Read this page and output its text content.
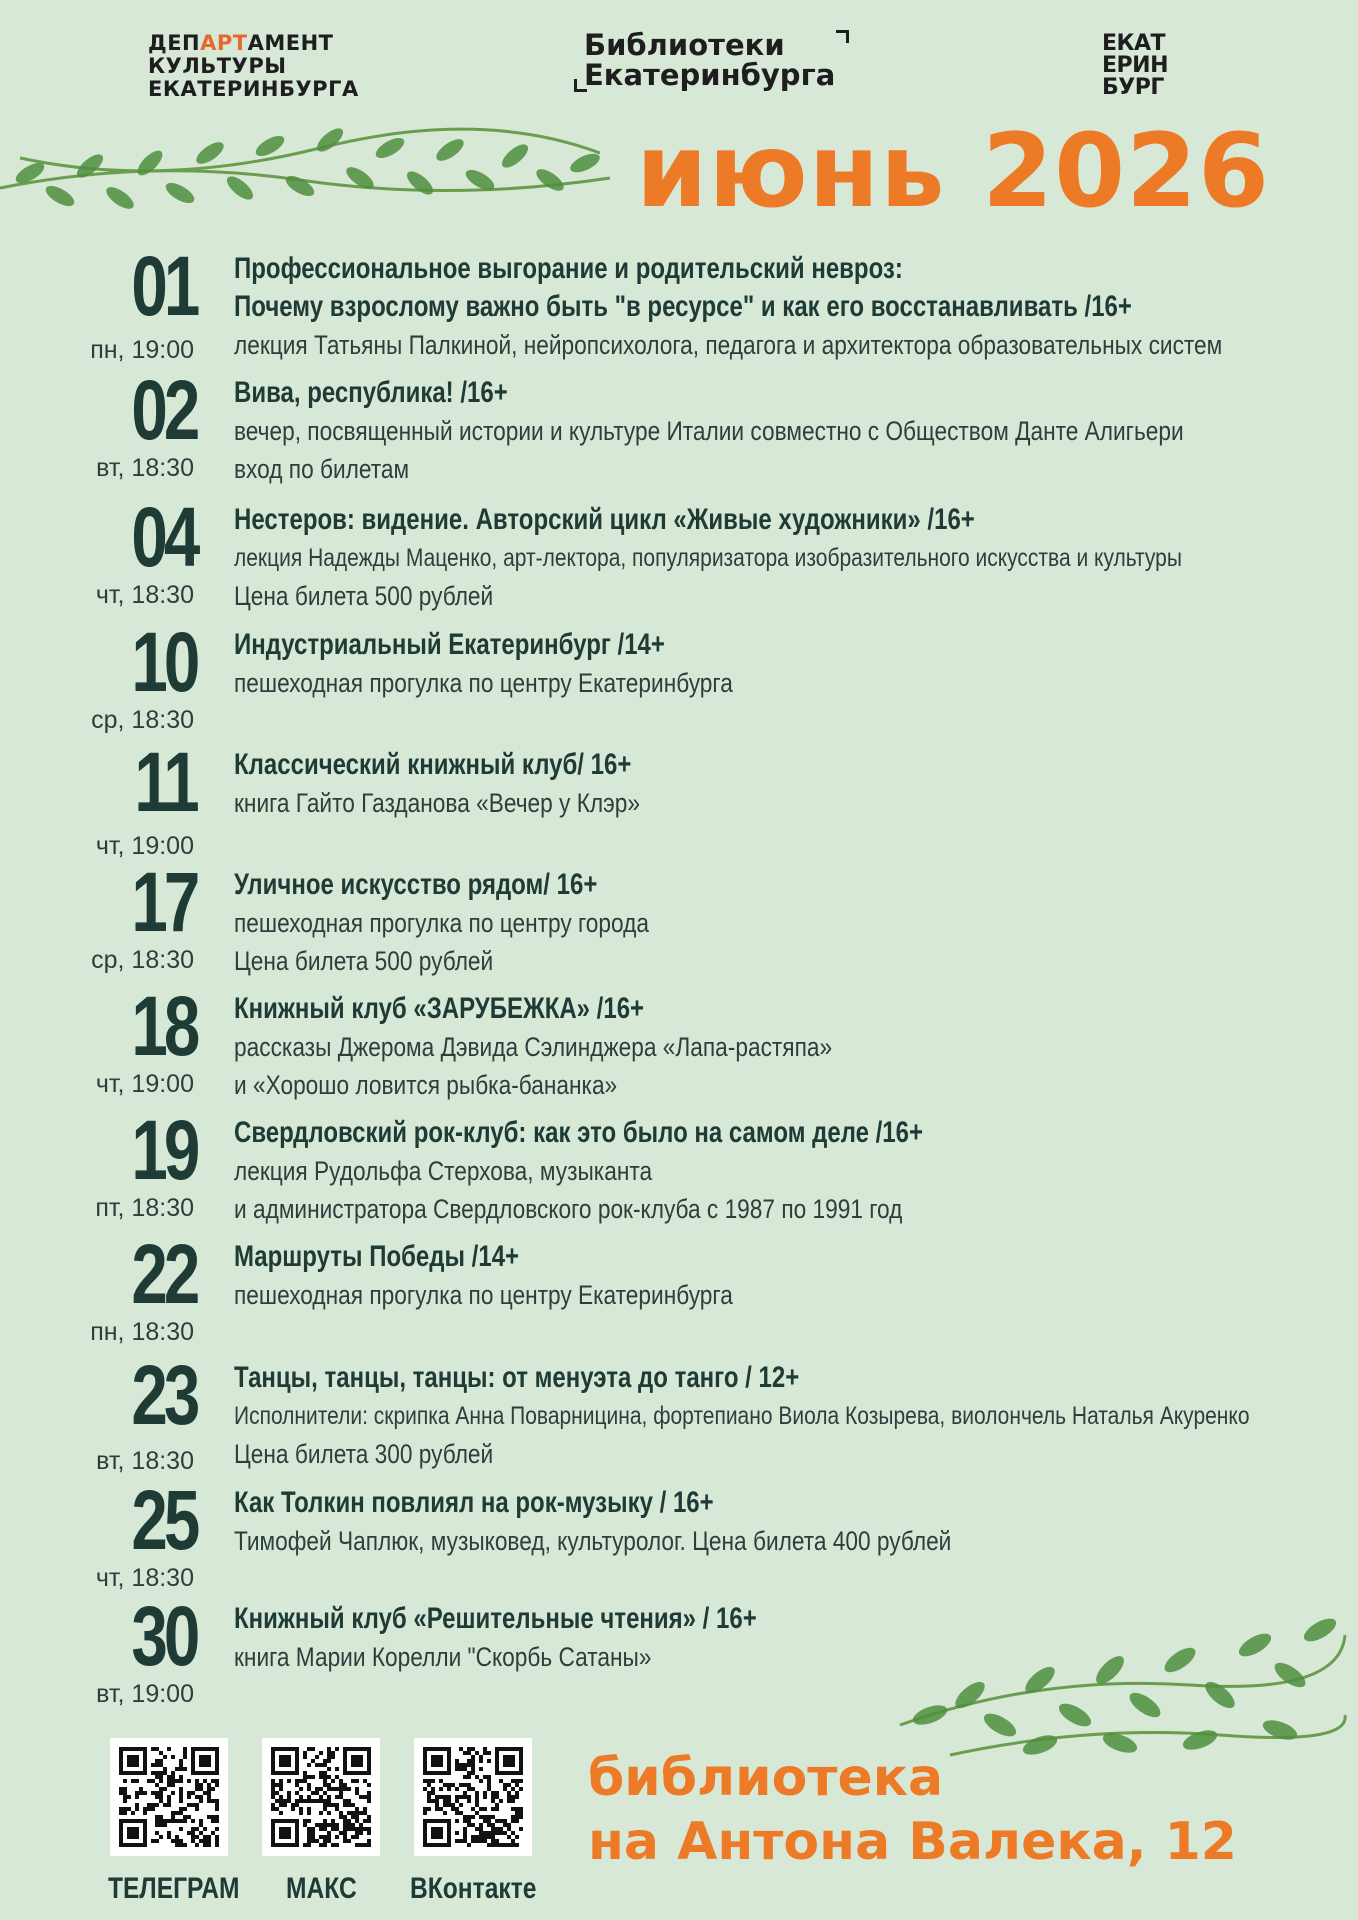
ДЕПАРТАМЕНТ
КУЛЬТУРЫ
ЕКАТЕРИНБУРГА
Библиотеки
Екатеринбурга
ЕКАТ
ЕРИН
БУРГ
июнь 2026
01
пн, 19:00
Профессиональное выгорание и родительский невроз:
Почему взрослому важно быть "в ресурсе" и как его восстанавливать /16+
лекция Татьяны Палкиной, нейропсихолога, педагога и архитектора образовательных систем
02
вт, 18:30
Вива, республика! /16+
вечер, посвященный истории и культуре Италии совместно с Обществом Данте Алигьери
вход по билетам
04
чт, 18:30
Нестеров: видение. Авторский цикл «Живые художники» /16+
лекция Надежды Маценко, арт-лектора, популяризатора изобразительного искусства и культуры
Цена билета 500 рублей
10
ср, 18:30
Индустриальный Екатеринбург /14+
пешеходная прогулка по центру Екатеринбурга
11
чт, 19:00
Классический книжный клуб/ 16+
книга Гайто Газданова «Вечер у Клэр»
17
ср, 18:30
Уличное искусство рядом/ 16+
пешеходная прогулка по центру города
Цена билета 500 рублей
18
чт, 19:00
Книжный клуб «ЗАРУБЕЖКА» /16+
рассказы Джерома Дэвида Сэлинджера «Лапа-растяпа»
и «Хорошо ловится рыбка-бананка»
19
пт, 18:30
Свердловский рок-клуб: как это было на самом деле /16+
лекция Рудольфа Стерхова, музыканта
и администратора Свердловского рок-клуба с 1987 по 1991 год
22
пн, 18:30
Маршруты Победы /14+
пешеходная прогулка по центру Екатеринбурга
23
вт, 18:30
Танцы, танцы, танцы: от менуэта до танго / 12+
Исполнители: скрипка Анна Поварницина, фортепиано Виола Козырева, виолончель Наталья Акуренко
Цена билета 300 рублей
25
чт, 18:30
Как Толкин повлиял на рок-музыку / 16+
Тимофей Чаплюк, музыковед, культуролог. Цена билета 400 рублей
30
вт, 19:00
Книжный клуб «Решительные чтения» / 16+
книга Марии Корелли "Скорбь Сатаны»
ТЕЛЕГРАМ МАКС ВКонтакте
библиотека
на Антона Валека, 12
